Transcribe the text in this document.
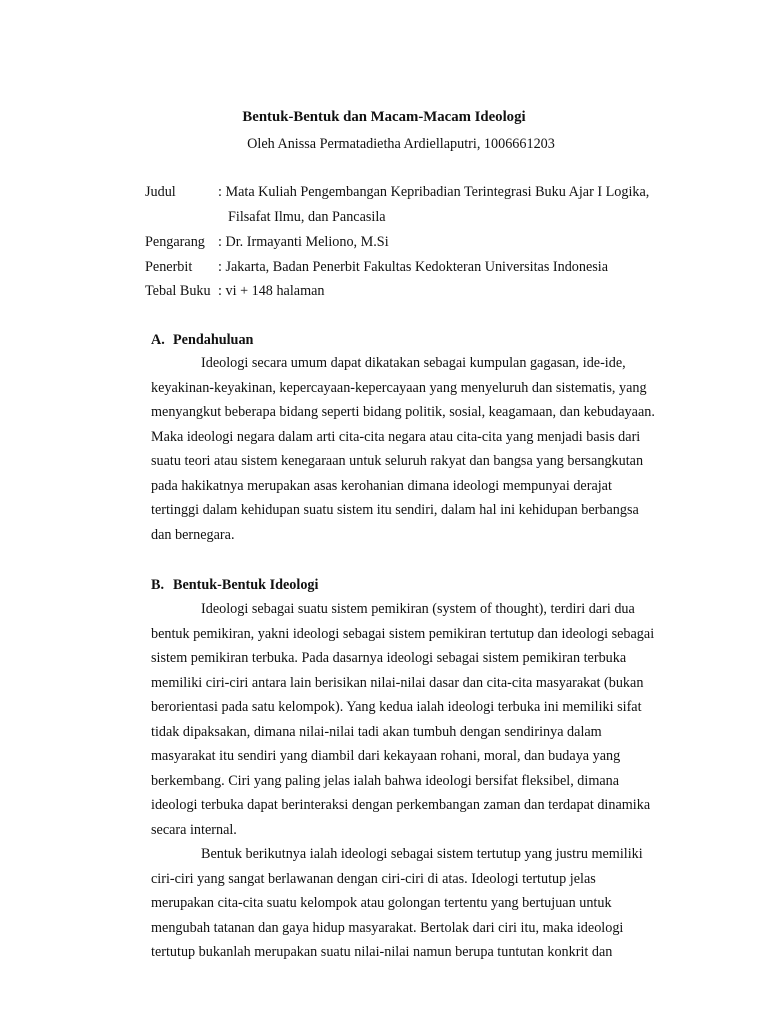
Bentuk-Bentuk dan Macam-Macam Ideologi
Oleh Anissa Permatadietha Ardiellaputri, 1006661203
Judul	: Mata Kuliah Pengembangan Kepribadian Terintegrasi Buku Ajar I Logika,
Filsafat Ilmu, dan Pancasila
Pengarang : Dr. Irmayanti Meliono, M.Si
Penerbit : Jakarta, Badan Penerbit Fakultas Kedokteran Universitas Indonesia
Tebal Buku : vi + 148 halaman
A. Pendahuluan
Ideologi secara umum dapat dikatakan sebagai kumpulan gagasan, ide-ide,
keyakinan-keyakinan, kepercayaan-kepercayaan yang menyeluruh dan sistematis, yang
menyangkut beberapa bidang seperti bidang politik, sosial, keagamaan, dan kebudayaan.
Maka ideologi negara dalam arti cita-cita negara atau cita-cita yang menjadi basis dari
suatu teori atau sistem kenegaraan untuk seluruh rakyat dan bangsa yang bersangkutan
pada hakikatnya merupakan asas kerohanian dimana ideologi mempunyai derajat
tertinggi dalam kehidupan suatu sistem itu sendiri, dalam hal ini kehidupan berbangsa
dan bernegara.
B. Bentuk-Bentuk Ideologi
Ideologi sebagai suatu sistem pemikiran (system of thought), terdiri dari dua
bentuk pemikiran, yakni ideologi sebagai sistem pemikiran tertutup dan ideologi sebagai
sistem pemikiran terbuka. Pada dasarnya ideologi sebagai sistem pemikiran terbuka
memiliki ciri-ciri antara lain berisikan nilai-nilai dasar dan cita-cita masyarakat (bukan
berorientasi pada satu kelompok). Yang kedua ialah ideologi terbuka ini memiliki sifat
tidak dipaksakan, dimana nilai-nilai tadi akan tumbuh dengan sendirinya dalam
masyarakat itu sendiri yang diambil dari kekayaan rohani, moral, dan budaya yang
berkembang. Ciri yang paling jelas ialah bahwa ideologi bersifat fleksibel, dimana
ideologi terbuka dapat berinteraksi dengan perkembangan zaman dan terdapat dinamika
secara internal.
Bentuk berikutnya ialah ideologi sebagai sistem tertutup yang justru memiliki
ciri-ciri yang sangat berlawanan dengan ciri-ciri di atas. Ideologi tertutup jelas
merupakan cita-cita suatu kelompok atau golongan tertentu yang bertujuan untuk
mengubah tatanan dan gaya hidup masyarakat. Bertolak dari ciri itu, maka ideologi
tertutup bukanlah merupakan suatu nilai-nilai namun berupa tuntutan konkrit dan
